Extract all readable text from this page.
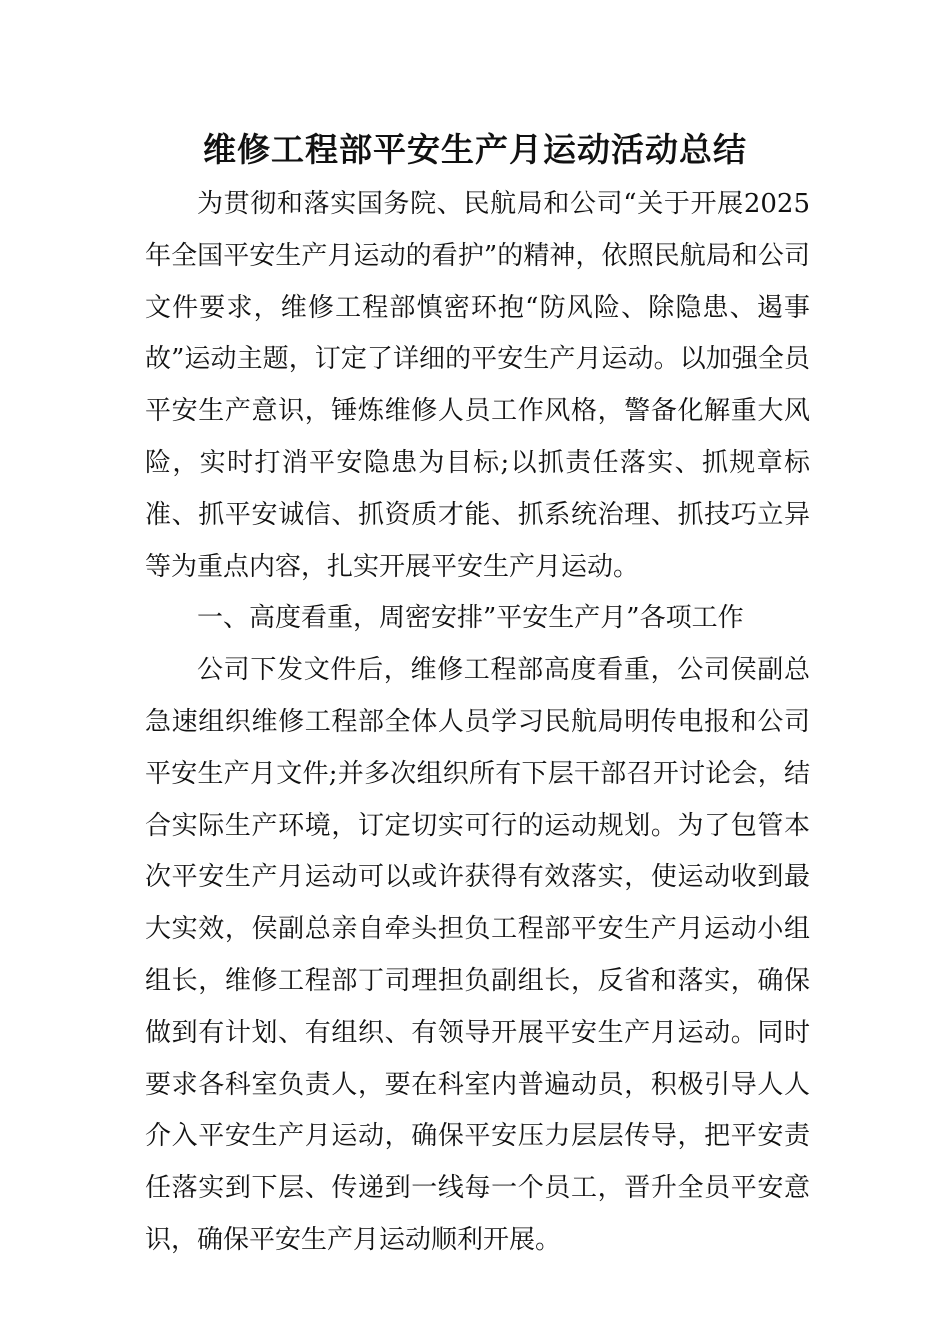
维修工程部平安生产月运动活动总结

为贯彻和落实国务院、民航局和公司“关于开展2025年全国平安生产月运动的看护”的精神，依照民航局和公司文件要求，维修工程部慎密环抱“防风险、除隐患、遏事故”运动主题，订定了详细的平安生产月运动。以加强全员平安生产意识，锤炼维修人员工作风格，警备化解重大风险，实时打消平安隐患为目标;以抓责任落实、抓规章标准、抓平安诚信、抓资质才能、抓系统治理、抓技巧立异等为重点内容，扎实开展平安生产月运动。

一、高度看重，周密安排”平安生产月”各项工作

公司下发文件后，维修工程部高度看重，公司侯副总急速组织维修工程部全体人员学习民航局明传电报和公司平安生产月文件;并多次组织所有下层干部召开讨论会，结合实际生产环境，订定切实可行的运动规划。为了包管本次平安生产月运动可以或许获得有效落实，使运动收到最大实效，侯副总亲自牵头担负工程部平安生产月运动小组组长，维修工程部丁司理担负副组长，反省和落实，确保做到有计划、有组织、有领导开展平安生产月运动。同时要求各科室负责人，要在科室内普遍动员，积极引导人人介入平安生产月运动，确保平安压力层层传导，把平安责任落实到下层、传递到一线每一个员工，晋升全员平安意识，确保平安生产月运动顺利开展。
